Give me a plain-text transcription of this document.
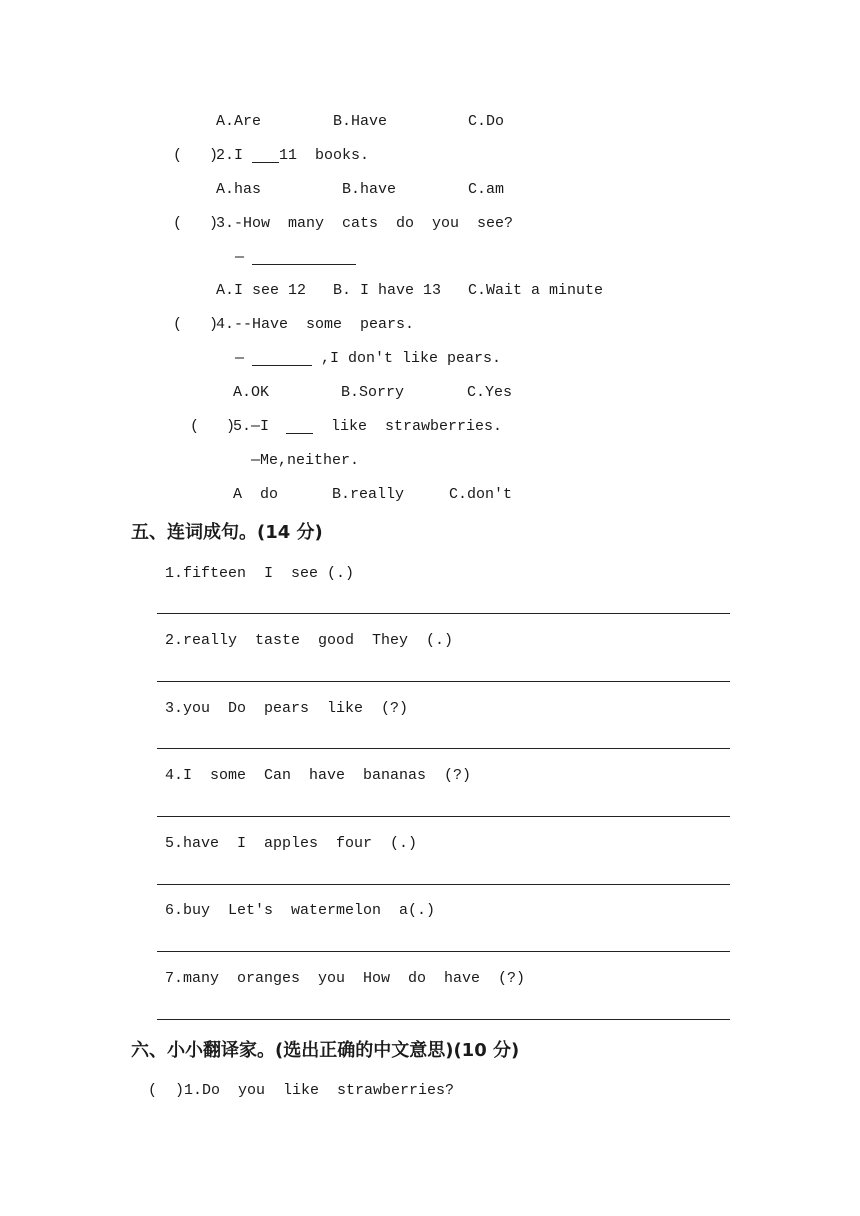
A.Are        B.Have         C.Do
(   )
2.I 11  books.
A.has         B.have        C.am
(   )
3.-How  many  cats  do  you  see?
—
A.I see 12   B. I have 13   C.Wait a minute
(   )
4.--Have  some  pears.
—	,I don't like pears.
A.OK        B.Sorry       C.Yes
(   )
5.—I like  strawberries.
—Me,neither.
A  do      B.really     C.don't
五、连词成句。(14 分)
1.fifteen  I  see (.)
2.really  taste  good  They  (.)
3.you  Do  pears  like  (?)
4.I  some  Can  have  bananas  (?)
5.have  I  apples  four  (.)
6.buy  Let's  watermelon  a(.)
7.many  oranges  you  How  do  have  (?)
六、小小翻译家。(选出正确的中文意思)(10 分)
(  )1.Do  you  like  strawberries?
